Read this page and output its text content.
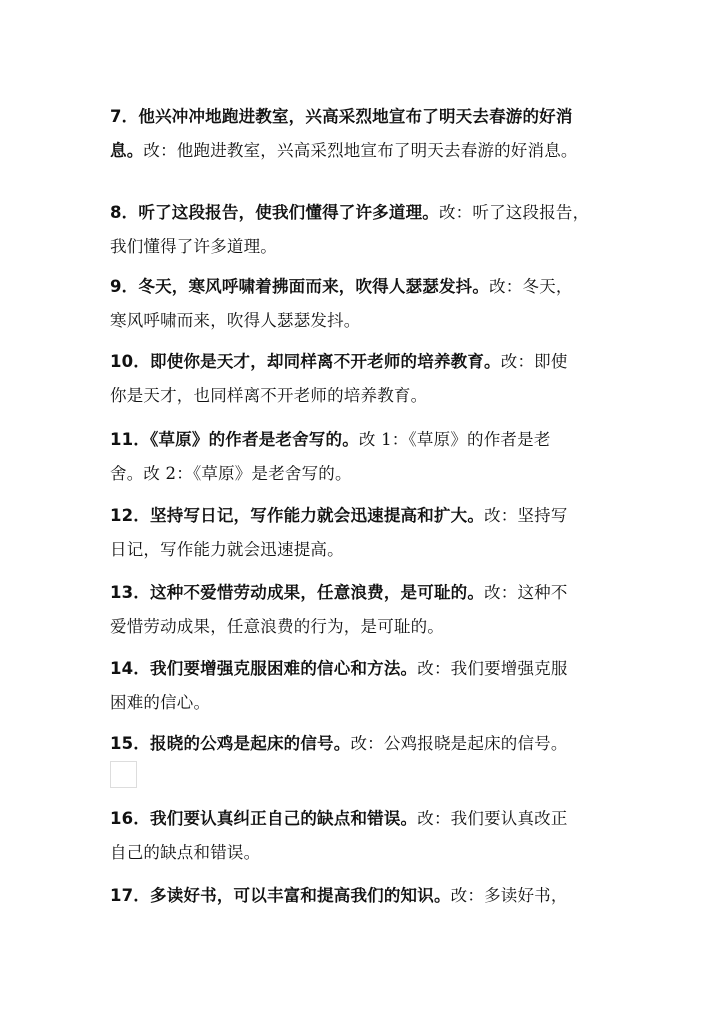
7．他兴冲冲地跑进教室，兴高采烈地宣布了明天去春游的好消
息。改：他跑进教室，兴高采烈地宣布了明天去春游的好消息。
8．听了这段报告，使我们懂得了许多道理。改：听了这段报告，
我们懂得了许多道理。
9．冬天，寒风呼啸着拂面而来，吹得人瑟瑟发抖。改：冬天，
寒风呼啸而来，吹得人瑟瑟发抖。
10．即使你是天才，却同样离不开老师的培养教育。改：即使
你是天才，也同样离不开老师的培养教育。
11．《草原》的作者是老舍写的。改 1：《草原》的作者是老
舍。改 2：《草原》是老舍写的。
12．坚持写日记，写作能力就会迅速提高和扩大。改：坚持写
日记，写作能力就会迅速提高。
13．这种不爱惜劳动成果，任意浪费，是可耻的。改：这种不
爱惜劳动成果，任意浪费的行为，是可耻的。
14．我们要增强克服困难的信心和方法。改：我们要增强克服
困难的信心。
15．报晓的公鸡是起床的信号。改：公鸡报晓是起床的信号。
16．我们要认真纠正自己的缺点和错误。改：我们要认真改正
自己的缺点和错误。
17．多读好书，可以丰富和提高我们的知识。改：多读好书，
